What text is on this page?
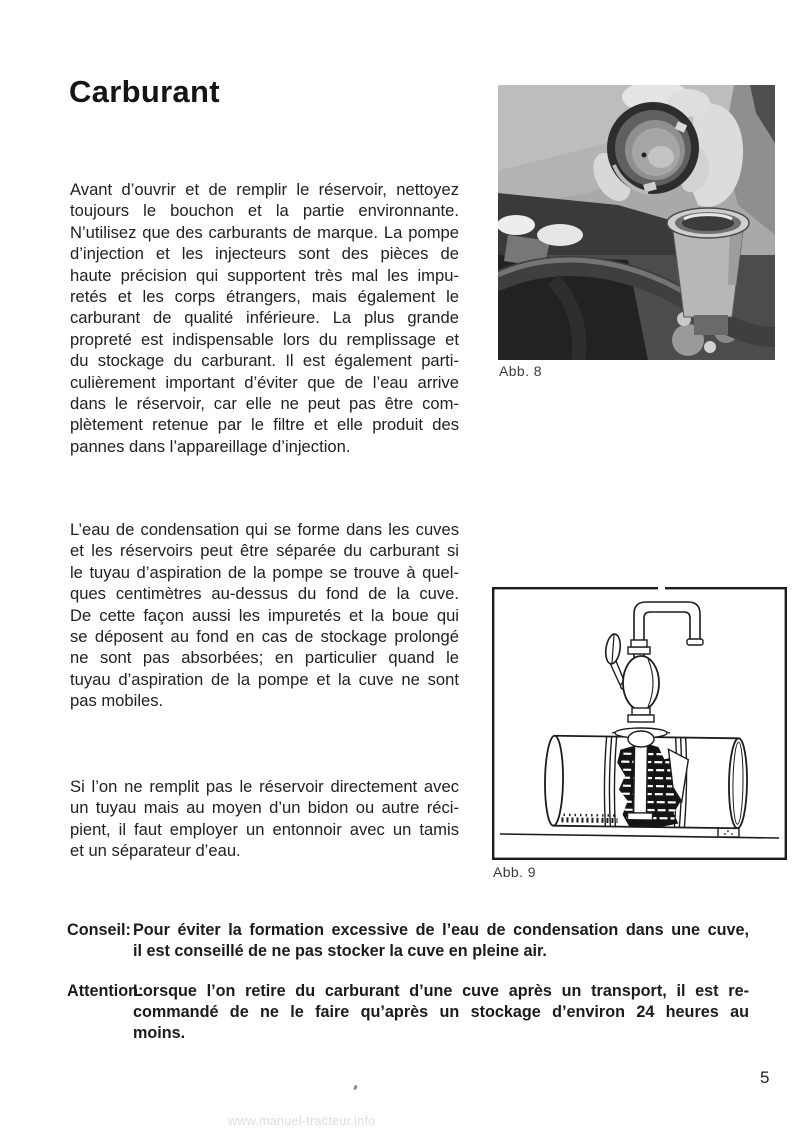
Carburant
Avant d’ouvrir et de remplir le réservoir, nettoyez
toujours le bouchon et la partie environnante.
N’utilisez que des carburants de marque. La pompe
d’injection et les injecteurs sont des pièces de
haute précision qui supportent très mal les impu-
retés et les corps étrangers, mais également le
carburant de qualité inférieure. La plus grande
propreté est indispensable lors du remplissage et
du stockage du carburant. Il est également parti-
culièrement important d’éviter que de l’eau arrive
dans le réservoir, car elle ne peut pas être com-
plètement retenue par le filtre et elle produit des
pannes dans l’appareillage d’injection.
L’eau de condensation qui se forme dans les cuves
et les réservoirs peut être séparée du carburant si
le tuyau d’aspiration de la pompe se trouve à quel-
ques centimètres au-dessus du fond de la cuve.
De cette façon aussi les impuretés et la boue qui
se déposent au fond en cas de stockage prolongé
ne sont pas absorbées; en particulier quand le
tuyau d’aspiration de la pompe et la cuve ne sont
pas mobiles.
Si l’on ne remplit pas le réservoir directement avec
un tuyau mais au moyen d’un bidon ou autre réci-
pient, il faut employer un entonnoir avec un tamis
et un séparateur d’eau.
Conseil: Pour éviter la formation excessive de l’eau de condensation dans une cuve,
il est conseillé de ne pas stocker la cuve en pleine air.
Attention:
Lorsque l’on retire du carburant d’une cuve après un transport, il est re-
commandé de ne le faire qu’après un stockage d’environ 24 heures au
moins.
Abb. 8
Abb. 9
5
www.manuel-tracteur.info
